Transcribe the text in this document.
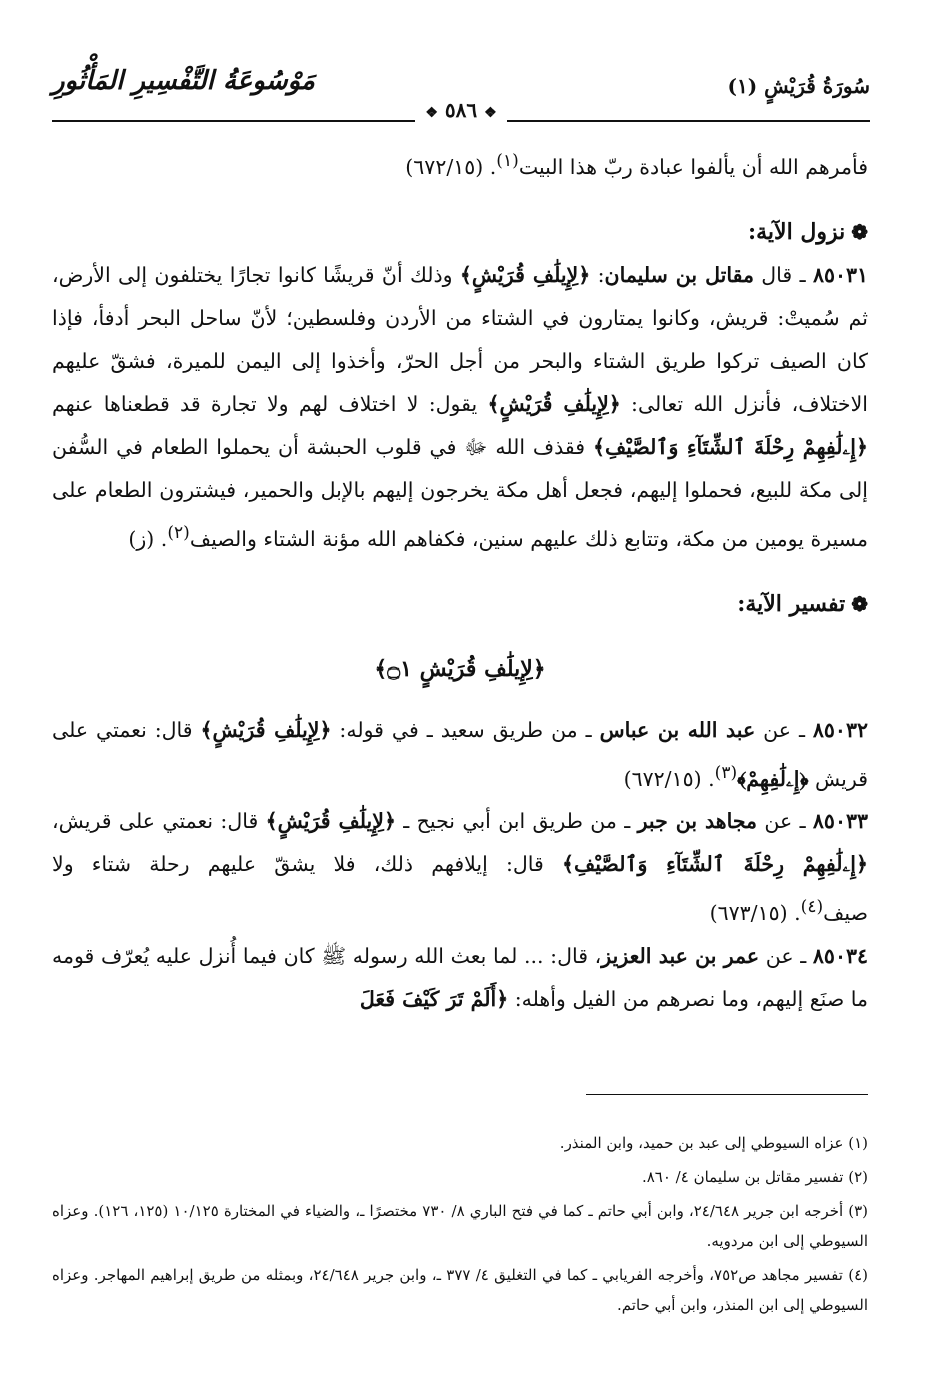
سُورَةُ قُرَيْشٍ (١)
مَوْسُوعَةُ التَّفْسِيرِ المَأْثُورِ
❖ ٥٨٦ ❖

فأمرهم الله أن يألفوا عبادة ربّ هذا البيت$^{(١)}$. (٦٧٢/١٥)

❁نزول الآية:

٨٥٠٣١ ـ قال مقاتل بن سليمان: ﴿لِإِيلَٰفِ قُرَيْشٍ﴾ وذلك أنّ قريشًا كانوا تجارًا يختلفون إلى الأرض، ثم سُميتْ: قريش، وكانوا يمتارون في الشتاء من الأردن وفلسطين؛ لأنّ ساحل البحر أدفأ، فإذا كان الصيف تركوا طريق الشتاء والبحر من أجل الحرّ، وأخذوا إلى اليمن للميرة، فشقّ عليهم الاختلاف، فأنزل الله تعالى: ﴿لِإِيلَٰفِ قُرَيْشٍ﴾ يقول: لا اختلاف لهم ولا تجارة قد قطعناها عنهم ﴿إِۦلَٰفِهِمْ رِحْلَةَ ٱلشِّتَآءِ وَٱلصَّيْفِ﴾ فقذف الله ﷻ في قلوب الحبشة أن يحملوا الطعام في السُّفن إلى مكة للبيع، فحملوا إليهم، فجعل أهل مكة يخرجون إليهم بالإبل والحمير، فيشترون الطعام على مسيرة يومين من مكة، وتتابع ذلك عليهم سنين، فكفاهم الله مؤنة الشتاء والصيف$^{(٢)}$. (ز)

❁تفسير الآية:

﴿لِإِيلَٰفِ قُرَيْشٍ ۝١﴾

٨٥٠٣٢ ـ عن عبد الله بن عباس ـ من طريق سعيد ـ في قوله: ﴿لِإِيلَٰفِ قُرَيْشٍ﴾ قال: نعمتي على قريش ﴿إِۦلَٰفِهِمْ﴾$^{(٣)}$. (٦٧٢/١٥)

٨٥٠٣٣ ـ عن مجاهد بن جبر ـ من طريق ابن أبي نجيح ـ ﴿لِإِيلَٰفِ قُرَيْشٍ﴾ قال: نعمتي على قريش، ﴿إِۦلَٰفِهِمْ رِحْلَةَ ٱلشِّتَآءِ وَٱلصَّيْفِ﴾ قال: إيلافهم ذلك، فلا يشقّ عليهم رحلة شتاء ولا صيف$^{(٤)}$. (٦٧٣/١٥)

٨٥٠٣٤ ـ عن عمر بن عبد العزيز، قال: ... لما بعث الله رسوله ﷺ كان فيما أُنزل عليه يُعرّف قومه ما صنَع إليهم، وما نصرهم من الفيل وأهله: ﴿أَلَمْ تَرَ كَيْفَ فَعَلَ

(١) عزاه السيوطي إلى عبد بن حميد، وابن المنذر.

(٢) تفسير مقاتل بن سليمان ٤/ ٨٦٠.

(٣) أخرجه ابن جرير ٢٤/٦٤٨، وابن أبي حاتم ـ كما في فتح الباري ٨/ ٧٣٠ مختصرًا ـ، والضياء في المختارة ١٠/١٢٥ (١٢٥، ١٢٦). وعزاه السيوطي إلى ابن مردويه.

(٤) تفسير مجاهد ص٧٥٢، وأخرجه الفريابي ـ كما في التغليق ٤/ ٣٧٧ ـ، وابن جرير ٢٤/٦٤٨، وبمثله من طريق إبراهيم المهاجر. وعزاه السيوطي إلى ابن المنذر، وابن أبي حاتم.
